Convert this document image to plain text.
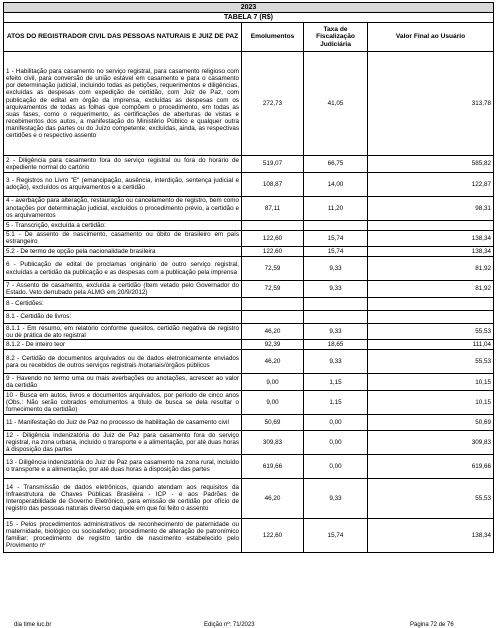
2023			
TABELA 7 (R$)			
ATOS DO REGISTRADOR CIVIL DAS PESSOAS NATURAIS E JUIZ DE PAZ	Emolumentos	Taxa de Fiscalização Judiciária	Valor Final ao Usuário
1 - Habilitação para casamento no serviço registral, para casamento religioso com efeito civil, para conversão de união estável em casamento e para o casamento por determinação judicial, incluindo todas as petições, requerimentos e diligências, excluídas as despesas com expedição de certidão, com Juiz de Paz, com publicação de edital em órgão da imprensa, excluídas as despesas com os arquivamentos de todas as folhas que compõem o procedimento, em todas as suas fases, como o requerimento, as certificações de aberturas de vistas e recebimentos dos autos, a manifestação do Ministério Público e qualquer outra manifestação das partes ou do Juízo competente; excluídas, ainda, as respectivas certidões e o respectivo assento	272,73	41,05	313,78
2 - Diligência para casamento fora do serviço registral ou fora do horário de expediente normal do cartório	519,07	66,75	585,82
3 - Registros no Livro "E" (emancipação, ausência, interdição, sentença judicial e adoção), excluídos os arquivamentos e a certidão	108,87	14,00	122,87
4 - averbação para alteração, restauração ou cancelamento de registro, bem como anotações por determinação judicial, excluídos o procedimento prévio, a certidão e os arquivamentos	87,11	11,20	98,31
5 - Transcrição, excluída a certidão:			
5.1 - De assento de nascimento, casamento ou óbito de brasileiro em país estrangeiro	122,60	15,74	138,34
5.2 - De termo de opção pela nacionalidade brasileira	122,60	15,74	138,34
6 - Publicação de edital de proclamas originário de outro serviço registral, excluídas a certidão da publicação e as despesas com a publicação pela imprensa	72,59	9,33	81,92
7 - Assento de casamento, excluída a certidão (Item vetado pelo Governador do Estado. Veto derrubado pela ALMG em 20/9/2012)	72,59	9,33	81,92
8 - Certidões:			
8.1 - Certidão de livros:			
8.1.1 - Em resumo, em relatório conforme quesitos, certidão negativa de registro ou de prática de ato registral	46,20	9,33	55,53
8.1.2 - De inteiro teor	92,39	18,65	111,04
8.2 - Certidão de documentos arquivados ou de dados eletronicamente enviados para ou recebidos de outros serviços registrais /notariais/órgãos públicos	46,20	9,33	55,53
9 - Havendo no termo uma ou mais averbações ou anotações, acrescer ao valor da certidão	9,00	1,15	10,15
10 - Busca em autos, livros e documentos arquivados, por período de cinco anos (Obs.: Não serão cobrados emolumentos a título de busca se dela resultar o fornecimento da certidão)	9,00	1,15	10,15
11 - Manifestação do Juiz de Paz no processo de habilitação de casamento civil	50,69	0,00	50,69
12 - Diligência indenizatória do Juiz de Paz para casamento fora do serviço registral, na zona urbana, incluído o transporte e a alimentação, por até duas horas à disposição das partes	309,83	0,00	309,83
13 - Diligência indenizatória do Juiz de Paz para casamento na zona rural, incluído o transporte e a alimentação, por até duas horas à disposição das partes	619,66	0,00	619,66
14 - Transmissão de dados eletrônicos, quando atendam aos requisitos da Infraestrutura de Chaves Públicas Brasileira - ICP - e aos Padrões de Interoperabilidade de Governo Eletrônico, para emissão de certidão por ofício de registro das pessoas naturais diverso daquele em que foi feito o assento	46,20	9,33	55,53
15 - Pelos procedimentos administrativos de reconhecimento de paternidade ou maternidade, biológico ou socioafetivo; procedimento de alteração de patronímico familiar; procedimento de registro tardio de nascimento estabelecido pelo Provimento nº	122,60	15,74	138,34
dia time iuc.br	Edição nº: 71/2023	Página 72 de 76
